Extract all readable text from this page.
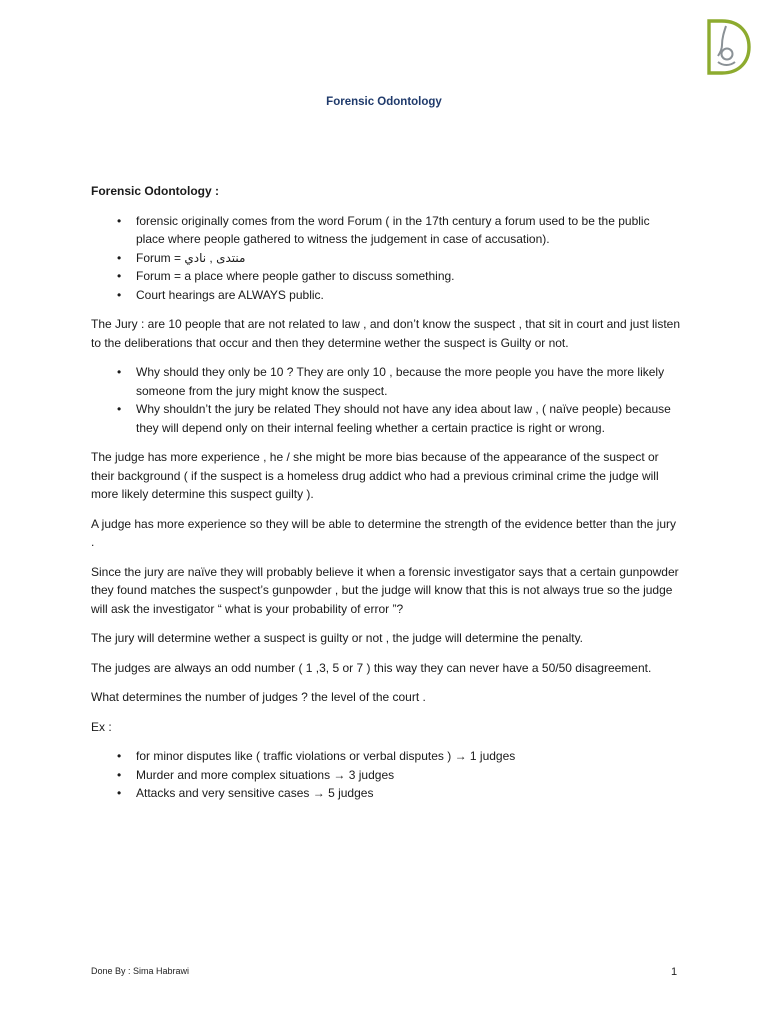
Forensic Odontology

Forensic Odontology :

• forensic originally comes from the word Forum ( in the 17th century a forum used to be the public place where people gathered to witness the judgement in case of accusation).
• Forum = منتدى , نادي
• Forum = a place where people gather to discuss something.
• Court hearings are ALWAYS public.

The Jury : are 10 people that are not related to law , and don’t know the suspect , that sit in court and just listen to the deliberations that occur and then they determine wether the suspect is Guilty or not.

• Why should they only be 10 ? They are only 10 , because the more people you have the more likely someone from the jury might know the suspect.
• Why shouldn’t the jury be related They should not have any idea about law , ( naïve people) because they will depend only on their internal feeling whether a certain practice is right or wrong.

The judge has more experience , he / she might be more bias because of the appearance of the suspect or their background ( if the suspect is a homeless drug addict who had a previous criminal crime the judge will more likely determine this suspect guilty ).

A judge has more experience so they will be able to determine the strength of the evidence better than the jury .

Since the jury are naïve they will probably believe it when a forensic investigator says that a certain gunpowder they found matches the suspect’s gunpowder , but the judge will know that this is not always true so the judge will ask the investigator “ what is your probability of error ”?

The jury will determine wether a suspect is guilty or not , the judge will determine the penalty.

The judges are always an odd number ( 1 ,3, 5 or 7 ) this way they can never have a 50/50 disagreement.

What determines the number of judges ? the level of the court .

Ex :

• for minor disputes like ( traffic violations or verbal disputes ) → 1 judges
• Murder and more complex situations → 3 judges
• Attacks and very sensitive cases → 5 judges
Done By : Sima Habrawi	1
